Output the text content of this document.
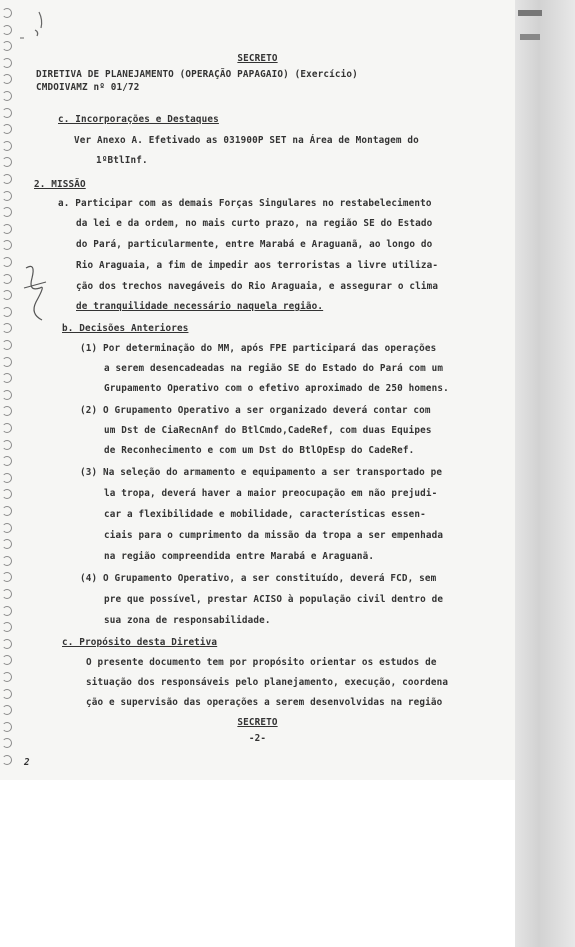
SECRETO
DIRETIVA DE PLANEJAMENTO (OPERAÇÃO PAPAGAIO) (Exercício)
CMDOIVAMZ nº 01/72
c. Incorporações e Destaques
Ver Anexo A. Efetivado as 031900P SET na Área de Montagem do
1ºBtlInf.
2. MISSÃO
a. Participar com as demais Forças Singulares no restabelecimento
da lei e da ordem, no mais curto prazo, na região SE do Estado
do Pará, particularmente, entre Marabá e Araguanã, ao longo do
Rio Araguaia, a fim de impedir aos terroristas a livre utiliza-
ção dos trechos navegáveis do Rio Araguaia, e assegurar o clima
de tranquilidade necessário naquela região.
b. Decisões Anteriores
(1) Por determinação do MM, após FPE participará das operações
a serem desencadeadas na região SE do Estado do Pará com um
Grupamento Operativo com o efetivo aproximado de 250 homens.
(2) O Grupamento Operativo a ser organizado deverá contar com
um Dst de CiaRecnAnf do BtlCmdo,CadeRef, com duas Equipes
de Reconhecimento e com um Dst do BtlOpEsp do CadeRef.
(3) Na seleção do armamento e equipamento a ser transportado pe
la tropa, deverá haver a maior preocupação em não prejudi-
car a flexibilidade e mobilidade, características essen-
ciais para o cumprimento da missão da tropa a ser empenhada
na região compreendida entre Marabá e Araguanã.
(4) O Grupamento Operativo, a ser constituído, deverá FCD, sem
pre que possível, prestar ACISO à população civil dentro de
sua zona de responsabilidade.
c. Propósito desta Diretiva
O presente documento tem por propósito orientar os estudos de
situação dos responsáveis pelo planejamento, execução, coordena
ção e supervisão das operações a serem desenvolvidas na região
SECRETO
-2-
2
